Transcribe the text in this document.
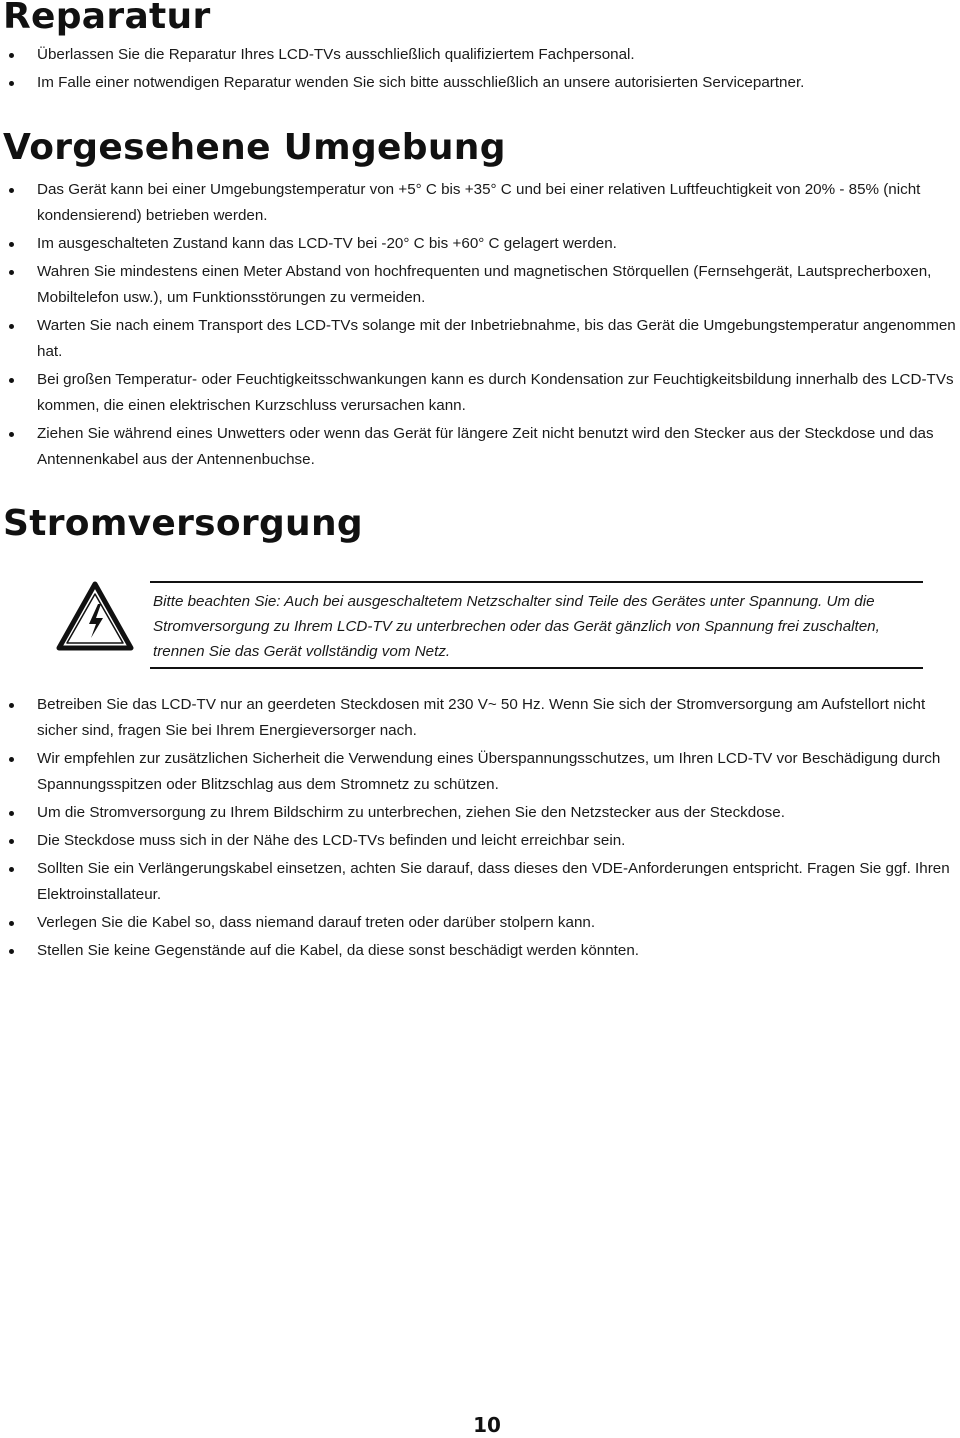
Reparatur
Überlassen Sie die Reparatur Ihres LCD-TVs ausschließlich qualifiziertem Fachpersonal.
Im Falle einer notwendigen Reparatur wenden Sie sich bitte ausschließlich an unsere autorisierten Servicepartner.
Vorgesehene Umgebung
Das Gerät kann bei einer Umgebungstemperatur von +5° C bis +35° C und bei einer relativen Luftfeuchtigkeit von 20% - 85% (nicht kondensierend) betrieben werden.
Im ausgeschalteten Zustand kann das LCD-TV bei -20° C bis +60° C gelagert werden.
Wahren Sie mindestens einen Meter Abstand von hochfrequenten und magnetischen Störquellen (Fernsehgerät, Lautsprecherboxen, Mobiltelefon usw.), um Funktionsstörungen zu vermeiden.
Warten Sie nach einem Transport des LCD-TVs solange mit der Inbetriebnahme, bis das Gerät die Umgebungstemperatur angenommen hat.
Bei großen Temperatur- oder Feuchtigkeitsschwankungen kann es durch Kondensation zur Feuchtigkeitsbildung innerhalb des LCD-TVs kommen, die einen elektrischen Kurzschluss verursachen kann.
Ziehen Sie während eines Unwetters oder wenn das Gerät für längere Zeit nicht benutzt wird den Stecker aus der Steckdose und das Antennenkabel aus der Antennenbuchse.
Stromversorgung
Bitte beachten Sie: Auch bei ausgeschaltetem Netzschalter sind Teile des Gerätes unter Spannung. Um die Stromversorgung zu Ihrem LCD-TV zu unterbrechen oder das Gerät gänzlich von Spannung frei zuschalten, trennen Sie das Gerät vollständig vom Netz.
Betreiben Sie das LCD-TV nur an geerdeten Steckdosen mit 230 V~ 50 Hz. Wenn Sie sich der Stromversorgung am Aufstellort nicht sicher sind, fragen Sie bei Ihrem Energieversorger nach.
Wir empfehlen zur zusätzlichen Sicherheit die Verwendung eines Überspannungsschutzes, um Ihren LCD-TV vor Beschädigung durch Spannungsspitzen oder Blitzschlag aus dem Stromnetz zu schützen.
Um die Stromversorgung zu Ihrem Bildschirm zu unterbrechen, ziehen Sie den Netzstecker aus der Steckdose.
Die Steckdose muss sich in der Nähe des LCD-TVs befinden und leicht erreichbar sein.
Sollten Sie ein Verlängerungskabel einsetzen, achten Sie darauf, dass dieses den VDE-Anforderungen entspricht. Fragen Sie ggf. Ihren Elektroinstallateur.
Verlegen Sie die Kabel so, dass niemand darauf treten oder darüber stolpern kann.
Stellen Sie keine Gegenstände auf die Kabel, da diese sonst beschädigt werden könnten.
10
